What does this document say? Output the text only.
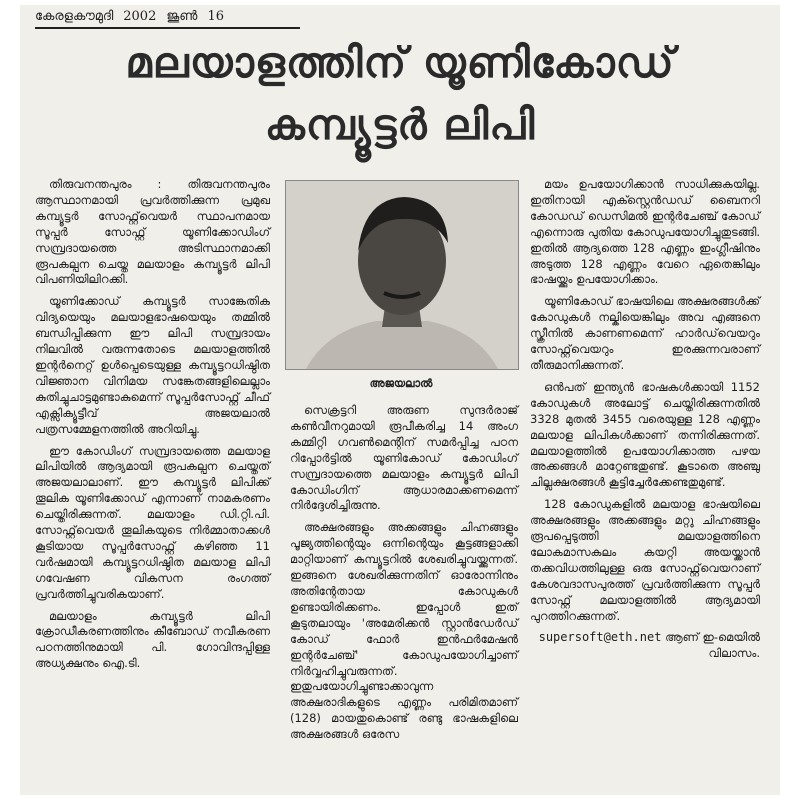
കേരളകൗമുദി 2002 ജൂൺ 16
മലയാളത്തിന് യൂണികോഡ്
കമ്പ്യൂട്ടർ ലിപി

തിരുവനന്തപുരം : തിരുവനന്തപുരം ആസ്ഥാനമായി പ്രവർത്തിക്കുന്ന പ്രമുഖ കമ്പ്യൂട്ടർ സോഫ്റ്റ്‌വെയർ സ്ഥാപനമായ സൂപ്പർ സോഫ്റ്റ് യൂണിക്കോഡിംഗ് സമ്പ്രദായത്തെ അടിസ്ഥാനമാക്കി രൂപകല്പന ചെയ്ത മലയാളം കമ്പ്യൂട്ടർ ലിപി വിപണിയിലിറക്കി.

യൂണിക്കോഡ് കമ്പ്യൂട്ടർ സാങ്കേതിക വിദ്യയെയും മലയാളഭാഷയെയും തമ്മിൽ ബന്ധിപ്പിക്കുന്ന ഈ ലിപി സമ്പ്രദായം നിലവിൽ വരുന്നതോടെ മലയാളത്തിൽ ഇന്റർനെറ്റ് ഉൾപ്പെടെയുള്ള കമ്പ്യൂട്ടറധിഷ്ഠിത വിജ്ഞാന വിനിമയ സങ്കേതങ്ങളിലെല്ലാം കുതിച്ചുചാട്ടമുണ്ടാകുമെന്ന് സൂപ്പർസോഫ്റ്റ് ചീഫ് എക്സിക്യൂട്ടീവ് അജയലാൽ പത്രസമ്മേളനത്തിൽ അറിയിച്ചു.

ഈ കോഡിംഗ് സമ്പ്രദായത്തെ മലയാള ലിപിയിൽ ആദ്യമായി രൂപകല്പന ചെയ്തത് അജയലാലാണ്. ഈ കമ്പ്യൂട്ടർ ലിപിക്ക് തൂലിക യൂണിക്കോഡ് എന്നാണ് നാമകരണം ചെയ്തിരിക്കുന്നത്. മലയാളം ഡി.റ്റി.പി. സോഫ്റ്റ്‌വെയർ തൂലികയുടെ നിർമ്മാതാക്കൾ കൂടിയായ സൂപ്പർസോഫ്റ്റ് കഴിഞ്ഞ 11 വർഷമായി കമ്പ്യൂട്ടറധിഷ്ഠിത മലയാള ലിപി ഗവേഷണ വികസന രംഗത്ത് പ്രവർത്തിച്ചുവരികയാണ്.

മലയാളം കമ്പ്യൂട്ടർ ലിപി ക്രോഡീകരണത്തിനും കീബോഡ് നവീകരണ പഠനത്തിനുമായി പി. ഗോവിന്ദപ്പിള്ള അധ്യക്ഷനും ഐ.ടി.

അജയലാൽ

സെക്രട്ടറി അരുണ സുന്ദർരാജ് കൺവീനറുമായി രൂപീകരിച്ച 14 അംഗ കമ്മിറ്റി ഗവൺമെന്റിന് സമർപ്പിച്ച പഠന റിപ്പോർട്ടിൽ യൂണികോഡ് കോഡിംഗ് സമ്പ്രദായത്തെ മലയാളം കമ്പ്യൂട്ടർ ലിപി കോഡിംഗിന് ആധാരമാക്കണമെന്ന് നിർദ്ദേശിച്ചിരുന്നു.

അക്ഷരങ്ങളും അക്കങ്ങളും ചിഹ്നങ്ങളും പൂജ്യത്തിന്റെയും ഒന്നിന്റെയും കൂട്ടങ്ങളാക്കി മാറ്റിയാണ് കമ്പ്യൂട്ടറിൽ ശേഖരിച്ചുവയ്ക്കുന്നത്. ഇങ്ങനെ ശേഖരിക്കുന്നതിന് ഓരോന്നിനും അതിന്റേതായ കോഡുകൾ ഉണ്ടായിരിക്കണം. ഇപ്പോൾ ഇത് കൂടുതലായും 'അമേരിക്കൻ സ്റ്റാൻഡേർഡ് കോഡ് ഫോർ ഇൻഫർമേഷൻ ഇന്റർചേഞ്ച്' കോഡുപയോഗിച്ചാണ് നിർവ്വഹിച്ചുവരുന്നത്. ഇതുപയോഗിച്ചുണ്ടാക്കാവുന്ന അക്ഷരാദികളുടെ എണ്ണം പരിമിതമാണ് (128) മായതുകൊണ്ട് രണ്ടു ഭാഷകളിലെ അക്ഷരങ്ങൾ ഒരേസ

മയം ഉപയോഗിക്കാൻ സാധിക്കുകയില്ല. ഇതിനായി എക്സ്റ്റെൻഡഡ് ബൈനറി കോഡഡ് ഡെസിമൽ ഇന്റർചേഞ്ച് കോഡ് എന്നൊരു പുതിയ കോഡുപയോഗിച്ചുതുടങ്ങി. ഇതിൽ ആദ്യത്തെ 128 എണ്ണം ഇംഗ്ലീഷിനും അടുത്ത 128 എണ്ണം വേറെ ഏതെങ്കിലും ഭാഷയ്ക്കും ഉപയോഗിക്കാം.

യൂണികോഡ് ഭാഷയിലെ അക്ഷരങ്ങൾക്ക് കോഡുകൾ നല്കിയെങ്കിലും അവ എങ്ങനെ സ്ക്രീനിൽ കാണണമെന്ന് ഹാർഡ്‌വെയറും സോഫ്റ്റ്‌വെയറും ഇരക്കുന്നവരാണ് തീരുമാനിക്കുന്നത്.

ഒൻപത് ഇന്ത്യൻ ഭാഷകൾക്കായി 1152 കോഡുകൾ അലോട്ട് ചെയ്തിരിക്കുന്നതിൽ 3328 മുതൽ 3455 വരെയുള്ള 128 എണ്ണം മലയാള ലിപികൾക്കാണ് തന്നിരിക്കുന്നത്. മലയാളത്തിൽ ഉപയോഗിക്കാത്ത പഴയ അക്കങ്ങൾ മാറ്റേണ്ടതുണ്ട്. കൂടാതെ അഞ്ചു ചില്ലക്ഷരങ്ങൾ കൂട്ടിച്ചേർക്കേണ്ടതുമുണ്ട്.

128 കോഡുകളിൽ മലയാള ഭാഷയിലെ അക്ഷരങ്ങളും അക്കങ്ങളും മറ്റു ചിഹ്നങ്ങളും രൂപപ്പെടുത്തി മലയാളത്തിനെ ലോകമാസകലം കയറ്റി അയയ്ക്കാൻ തക്കവിധത്തിലുള്ള ഒരു സോഫ്റ്റ്‌വെയറാണ് കേശവദാസപുരത്ത് പ്രവർത്തിക്കുന്ന സൂപ്പർ സോഫ്റ്റ് മലയാളത്തിൽ ആദ്യമായി പുറത്തിറക്കുന്നത്.

supersoft@eth.net ആണ് ഇ-മെയിൽ വിലാസം.
